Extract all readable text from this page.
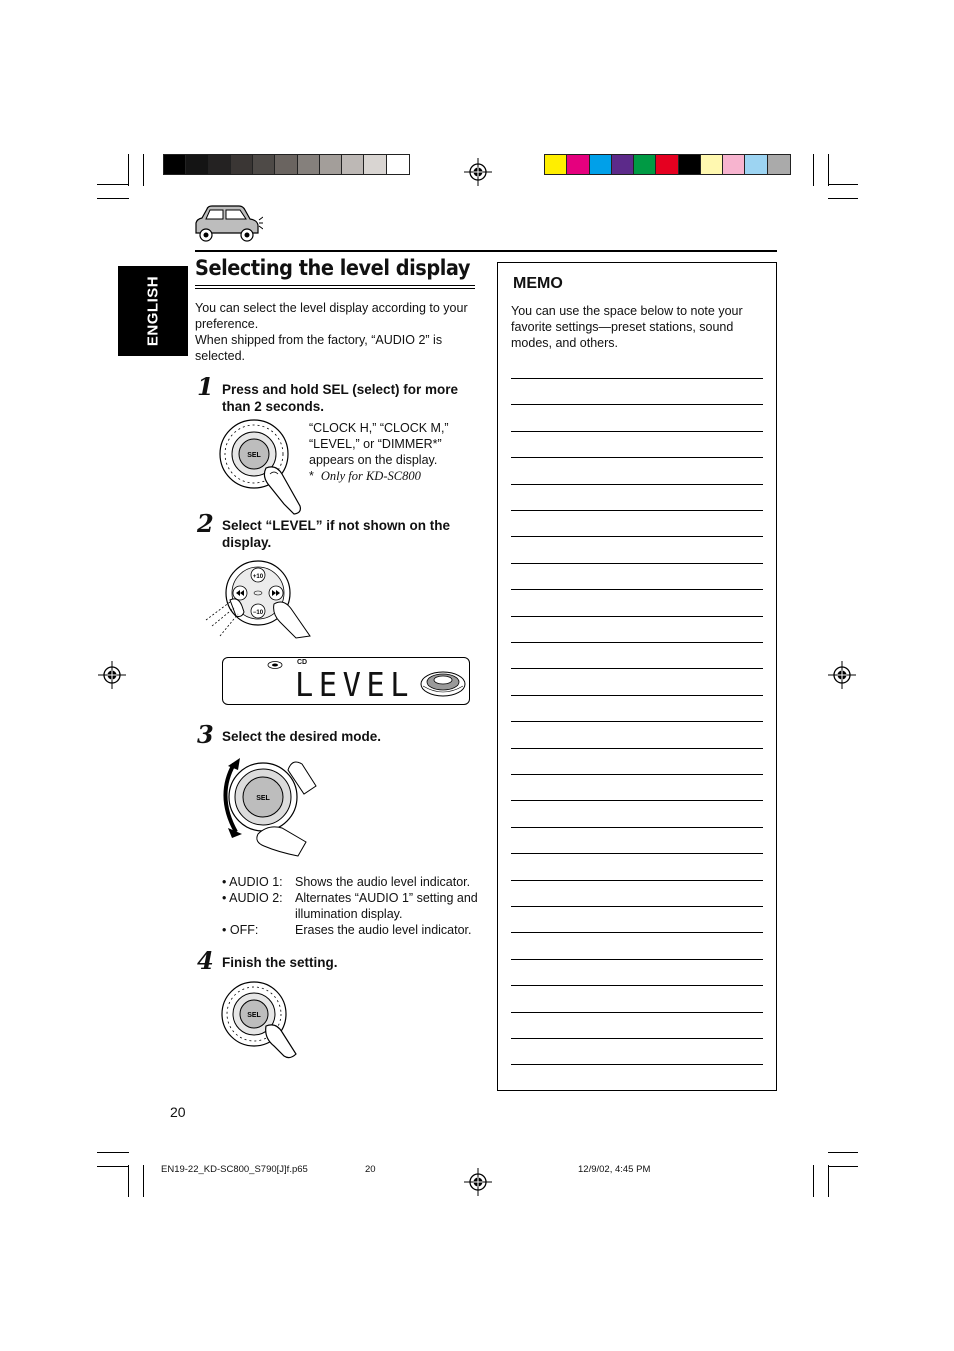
ENGLISH
Selecting the level display

You can select the level display according to your preference.

When shipped from the factory, “AUDIO 2” is selected.

1 Press and hold SEL (select) for more than 2 seconds.
SEL
“CLOCK H,” “CLOCK M,” “LEVEL,” or “DIMMER*” appears on the display.
* Only for KD-SC800
2 Select “LEVEL” if not shown on the display.
+10
−10
CD
LEVEL
3 Select the desired mode.
SEL
• AUDIO 1: Shows the audio level indicator.
• AUDIO 2: Alternates “AUDIO 1” setting and illumination display.
• OFF:	Erases the audio level indicator.
4 Finish the setting.
SEL
MEMO
You can use the space below to note your favorite settings—preset stations, sound modes, and others.
20
EN19-22_KD-SC800_S790[J]f.p65	20	12/9/02, 4:45 PM
